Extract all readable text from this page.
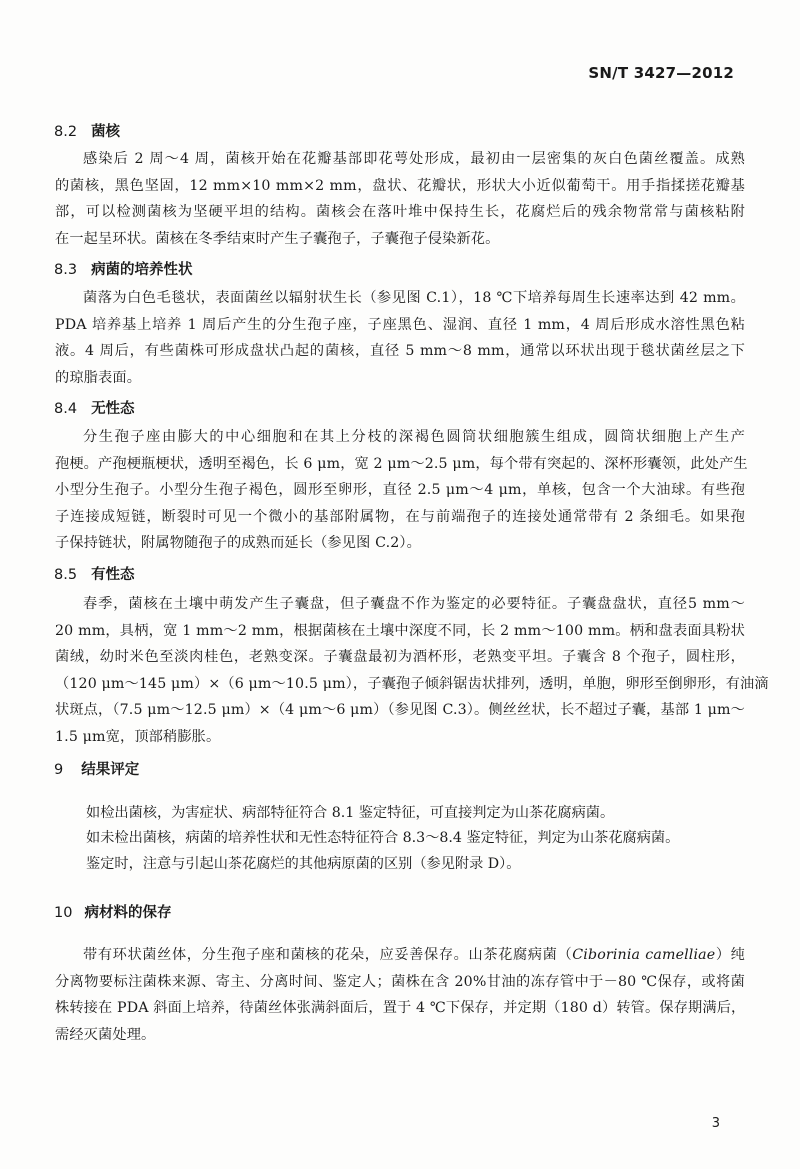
SN/T 3427—2012
8.2 菌核
感染后 2 周～4 周，菌核开始在花瓣基部即花萼处形成，最初由一层密集的灰白色菌丝覆盖。成熟
的菌核，黑色坚固，12 mm×10 mm×2 mm，盘状、花瓣状，形状大小近似葡萄干。用手指揉搓花瓣基
部，可以检测菌核为坚硬平坦的结构。菌核会在落叶堆中保持生长，花腐烂后的残余物常常与菌核粘附
在一起呈环状。菌核在冬季结束时产生子囊孢子，子囊孢子侵染新花。
8.3 病菌的培养性状
菌落为白色毛毯状，表面菌丝以辐射状生长（参见图 C.1），18 ℃下培养每周生长速率达到 42 mm。
PDA 培养基上培养 1 周后产生的分生孢子座，子座黑色、湿润、直径 1 mm，4 周后形成水溶性黑色粘
液。4 周后，有些菌株可形成盘状凸起的菌核，直径 5 mm～8 mm，通常以环状出现于毯状菌丝层之下
的琼脂表面。
8.4 无性态
分生孢子座由膨大的中心细胞和在其上分枝的深褐色圆筒状细胞簇生组成，圆筒状细胞上产生产
孢梗。产孢梗瓶梗状，透明至褐色，长 6 μm，宽 2 μm～2.5 μm，每个带有突起的、深杯形囊领，此处产生
小型分生孢子。小型分生孢子褐色，圆形至卵形，直径 2.5 μm～4 μm，单核，包含一个大油球。有些孢
子连接成短链，断裂时可见一个微小的基部附属物，在与前端孢子的连接处通常带有 2 条细毛。如果孢
子保持链状，附属物随孢子的成熟而延长（参见图 C.2）。
8.5 有性态
春季，菌核在土壤中萌发产生子囊盘，但子囊盘不作为鉴定的必要特征。子囊盘盘状，直径5 mm～
20 mm，具柄，宽 1 mm～2 mm，根据菌核在土壤中深度不同，长 2 mm～100 mm。柄和盘表面具粉状
菌绒，幼时米色至淡肉桂色，老熟变深。子囊盘最初为酒杯形，老熟变平坦。子囊含 8 个孢子，圆柱形，
（120 μm～145 μm）×（6 μm～10.5 μm），子囊孢子倾斜锯齿状排列，透明，单胞，卵形至倒卵形，有油滴
状斑点，（7.5 μm～12.5 μm）×（4 μm～6 μm）（参见图 C.3）。侧丝丝状，长不超过子囊，基部 1 μm～
1.5 μm宽，顶部稍膨胀。
9 结果评定
如检出菌核，为害症状、病部特征符合 8.1 鉴定特征，可直接判定为山茶花腐病菌。
如未检出菌核，病菌的培养性状和无性态特征符合 8.3～8.4 鉴定特征，判定为山茶花腐病菌。
鉴定时，注意与引起山茶花腐烂的其他病原菌的区别（参见附录 D）。
10 病材料的保存
带有环状菌丝体，分生孢子座和菌核的花朵，应妥善保存。山茶花腐病菌（Ciborinia camelliae）纯
分离物要标注菌株来源、寄主、分离时间、鉴定人；菌株在含 20%甘油的冻存管中于－80 ℃保存，或将菌
株转接在 PDA 斜面上培养，待菌丝体张满斜面后，置于 4 ℃下保存，并定期（180 d）转管。保存期满后，
需经灭菌处理。
3
